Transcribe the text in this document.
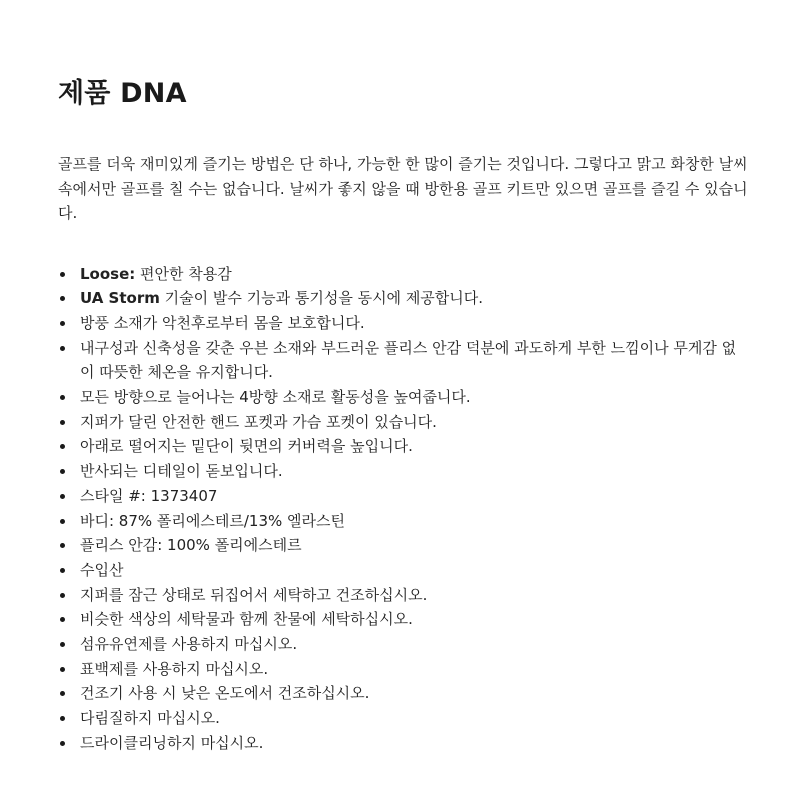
제품 DNA

골프를 더욱 재미있게 즐기는 방법은 단 하나, 가능한 한 많이 즐기는 것입니다. 그렇다고 맑고 화창한 날씨 속에서만 골프를 칠 수는 없습니다. 날씨가 좋지 않을 때 방한용 골프 키트만 있으면 골프를 즐길 수 있습니다.

Loose: 편안한 착용감
UA Storm 기술이 발수 기능과 통기성을 동시에 제공합니다.
방풍 소재가 악천후로부터 몸을 보호합니다.
내구성과 신축성을 갖춘 우븐 소재와 부드러운 플리스 안감 덕분에 과도하게 부한 느낌이나 무게감 없이 따뜻한 체온을 유지합니다.
모든 방향으로 늘어나는 4방향 소재로 활동성을 높여줍니다.
지퍼가 달린 안전한 핸드 포켓과 가슴 포켓이 있습니다.
아래로 떨어지는 밑단이 뒷면의 커버력을 높입니다.
반사되는 디테일이 돋보입니다.
스타일 #: 1373407
바디: 87% 폴리에스테르/13% 엘라스틴
플리스 안감: 100% 폴리에스테르
수입산
지퍼를 잠근 상태로 뒤집어서 세탁하고 건조하십시오.
비슷한 색상의 세탁물과 함께 찬물에 세탁하십시오.
섬유유연제를 사용하지 마십시오.
표백제를 사용하지 마십시오.
건조기 사용 시 낮은 온도에서 건조하십시오.
다림질하지 마십시오.
드라이클리닝하지 마십시오.
